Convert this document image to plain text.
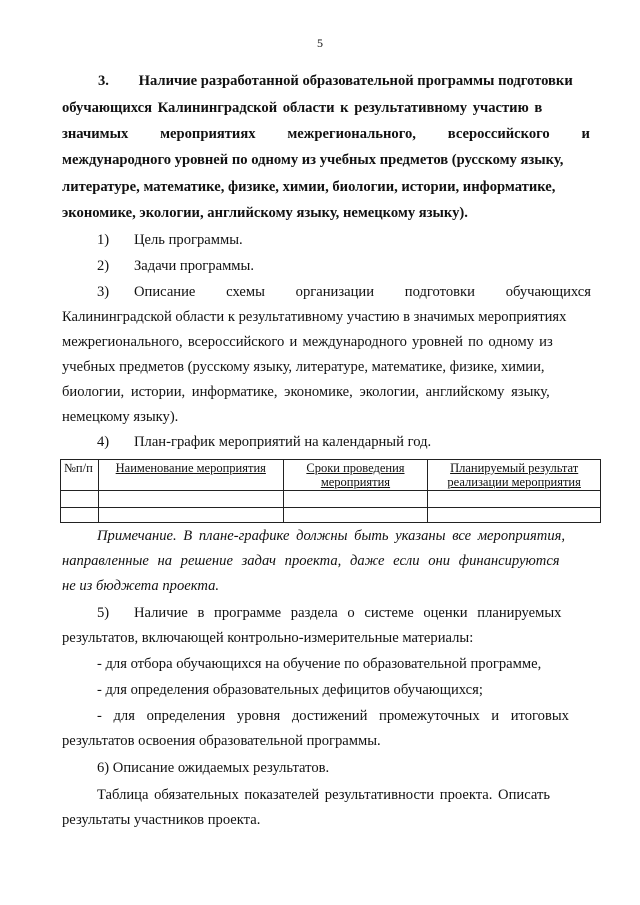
5
3. Наличие разработанной образовательной программы подготовки
обучающихся Калининградской области к результативному участию в
значимых мероприятиях межрегионального, всероссийского и
международного уровней по одному из учебных предметов (русскому языку,
литературе, математике, физике, химии, биологии, истории, информатике,
экономике, экологии, английскому языку, немецкому языку).
1) Цель программы.
2) Задачи программы.
3) Описание схемы организации подготовки обучающихся
Калининградской области к результативному участию в значимых мероприятиях
межрегионального, всероссийского и международного уровней по одному из
учебных предметов (русскому языку, литературе, математике, физике, химии,
биологии, истории, информатике, экономике, экологии, английскому языку,
немецкому языку).
4) План-график мероприятий на календарный год.
№п/п	Наименование мероприятия	Сроки проведения мероприятия	Планируемый результат реализации мероприятия

Примечание. В плане-графике должны быть указаны все мероприятия,
направленные на решение задач проекта, даже если они финансируются
не из бюджета проекта.
5) Наличие в программе раздела о системе оценки планируемых
результатов, включающей контрольно-измерительные материалы:
- для отбора обучающихся на обучение по образовательной программе,
- для определения образовательных дефицитов обучающихся;
- для определения уровня достижений промежуточных и итоговых
результатов освоения образовательной программы.
6) Описание ожидаемых результатов.
Таблица обязательных показателей результативности проекта. Описать
результаты участников проекта.
